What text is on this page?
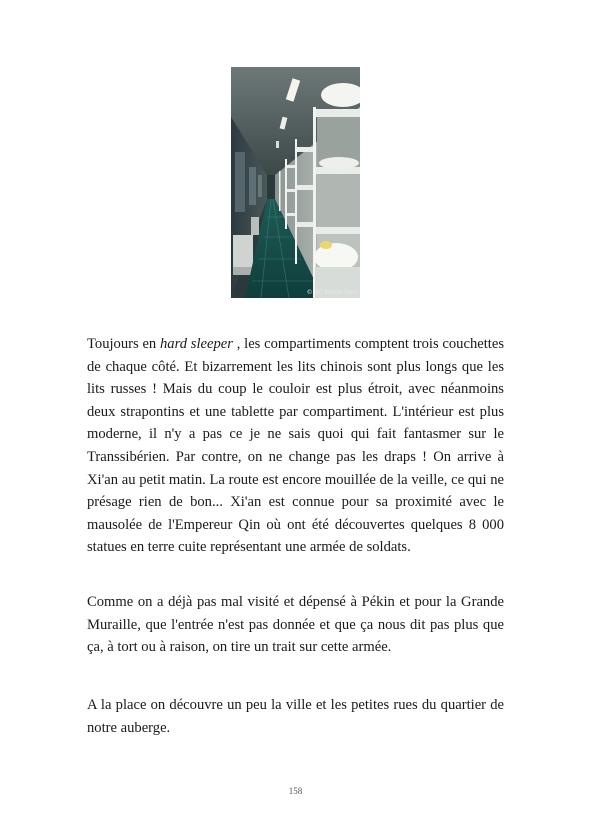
© AC World Tour

Toujours en hard sleeper , les compartiments comptent trois couchettes de chaque côté. Et bizarrement les lits chinois sont plus longs que les lits russes ! Mais du coup le couloir est plus étroit, avec néanmoins deux strapontins et une tablette par compartiment. L'intérieur est plus moderne, il n'y a pas ce je ne sais quoi qui fait fantasmer sur le Transsibérien. Par contre, on ne change pas les draps ! On arrive à Xi'an au petit matin. La route est encore mouillée de la veille, ce qui ne présage rien de bon... Xi'an est connue pour sa proximité avec le mausolée de l'Empereur Qin où ont été découvertes quelques 8 000 statues en terre cuite représentant une armée de soldats.

Comme on a déjà pas mal visité et dépensé à Pékin et pour la Grande Muraille, que l'entrée n'est pas donnée et que ça nous dit pas plus que ça, à tort ou à raison, on tire un trait sur cette armée.

A la place on découvre un peu la ville et les petites rues du quartier de notre auberge.

158
